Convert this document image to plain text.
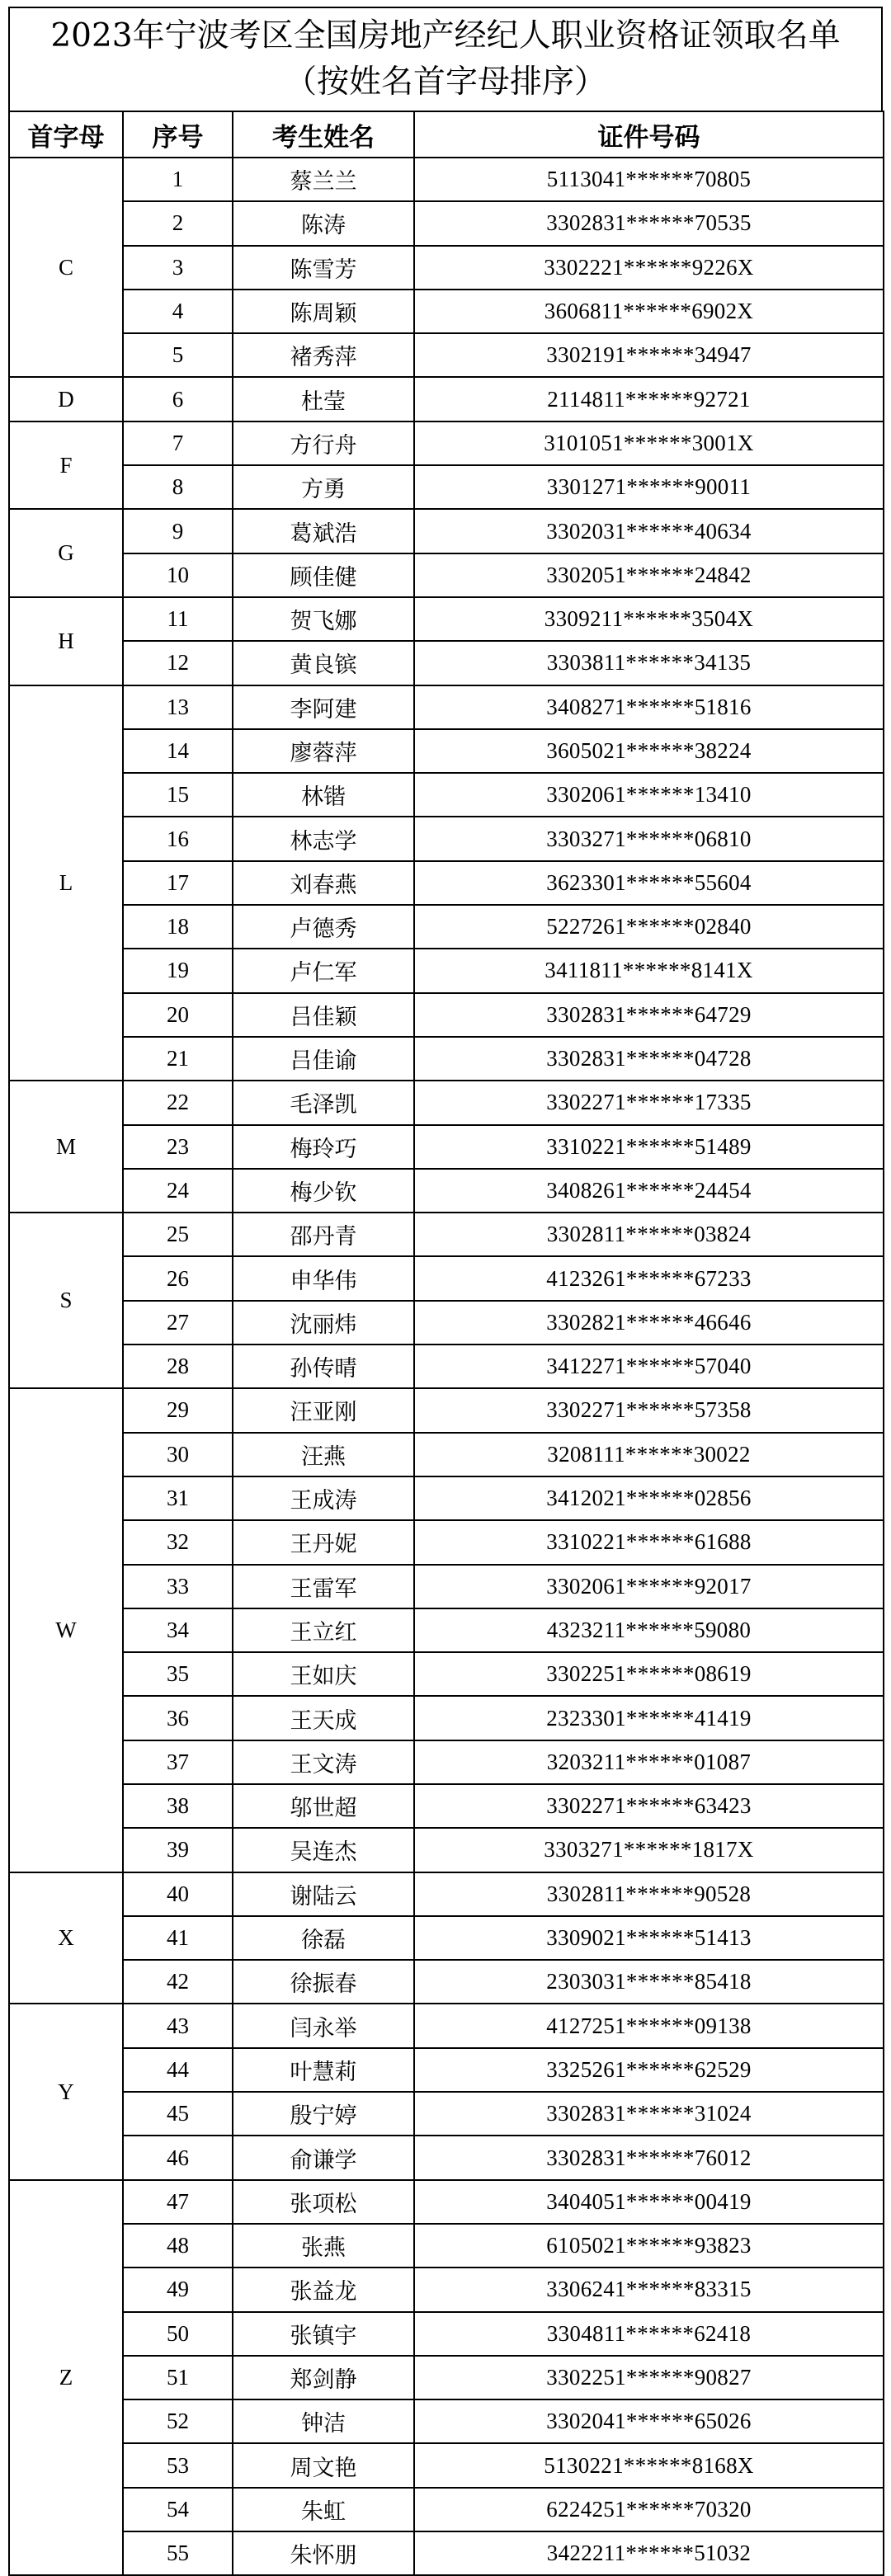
2023年宁波考区全国房地产经纪人职业资格证领取名单
（按姓名首字母排序）
首字母	序号	考生姓名	证件号码
C	1	蔡兰兰	5113041******70805
	2	陈涛	3302831******70535
	3	陈雪芳	3302221******9226X
	4	陈周颖	3606811******6902X
	5	褚秀萍	3302191******34947
D	6	杜莹	2114811******92721
F	7	方行舟	3101051******3001X
	8	方勇	3301271******90011
G	9	葛斌浩	3302031******40634
	10	顾佳健	3302051******24842
H	11	贺飞娜	3309211******3504X
	12	黄良镔	3303811******34135
L	13	李阿建	3408271******51816
	14	廖蓉萍	3605021******38224
	15	林锴	3302061******13410
	16	林志学	3303271******06810
	17	刘春燕	3623301******55604
	18	卢德秀	5227261******02840
	19	卢仁军	3411811******8141X
	20	吕佳颖	3302831******64729
	21	吕佳谕	3302831******04728
M	22	毛泽凯	3302271******17335
	23	梅玲巧	3310221******51489
	24	梅少钦	3408261******24454
S	25	邵丹青	3302811******03824
	26	申华伟	4123261******67233
	27	沈丽炜	3302821******46646
	28	孙传晴	3412271******57040
W	29	汪亚刚	3302271******57358
	30	汪燕	3208111******30022
	31	王成涛	3412021******02856
	32	王丹妮	3310221******61688
	33	王雷军	3302061******92017
	34	王立红	4323211******59080
	35	王如庆	3302251******08619
	36	王天成	2323301******41419
	37	王文涛	3203211******01087
	38	邬世超	3302271******63423
	39	吴连杰	3303271******1817X
X	40	谢陆云	3302811******90528
	41	徐磊	3309021******51413
	42	徐振春	2303031******85418
Y	43	闫永举	4127251******09138
	44	叶慧莉	3325261******62529
	45	殷宁婷	3302831******31024
	46	俞谦学	3302831******76012
Z	47	张项松	3404051******00419
	48	张燕	6105021******93823
	49	张益龙	3306241******83315
	50	张镇宇	3304811******62418
	51	郑剑静	3302251******90827
	52	钟洁	3302041******65026
	53	周文艳	5130221******8168X
	54	朱虹	6224251******70320
	55	朱怀朋	3422211******51032
